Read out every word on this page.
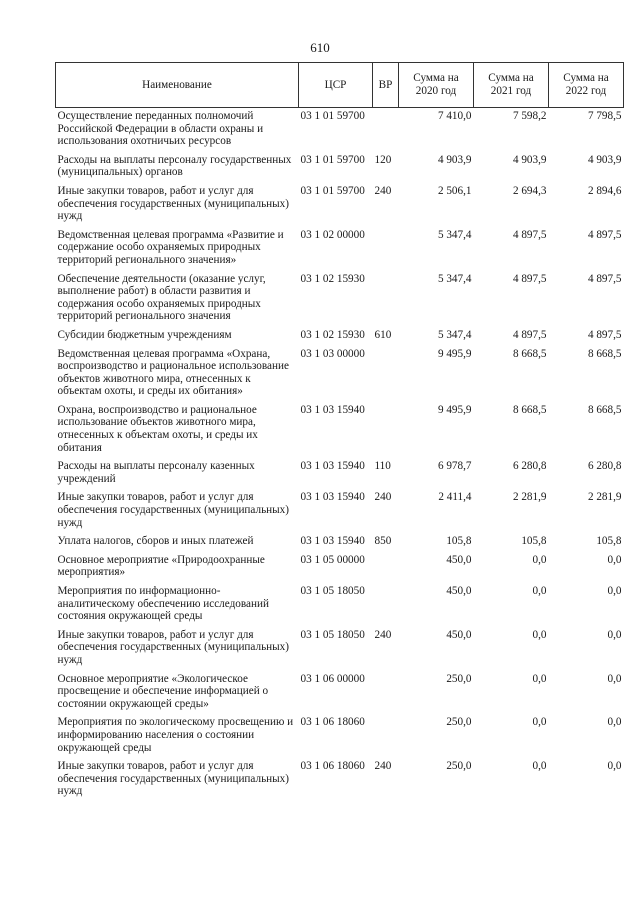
610
Наименование	ЦСР	ВР	Сумма на 2020 год	Сумма на 2021 год	Сумма на 2022 год
Осуществление переданных полномочий Российской Федерации в области охраны и использования охотничьих ресурсов	03 1 01 59700		7 410,0	7 598,2	7 798,5
Расходы на выплаты персоналу государственных (муниципальных) органов	03 1 01 59700	120	4 903,9	4 903,9	4 903,9
Иные закупки товаров, работ и услуг для обеспечения государственных (муниципальных) нужд	03 1 01 59700	240	2 506,1	2 694,3	2 894,6
Ведомственная целевая программа «Развитие и содержание особо охраняемых природных территорий регионального значения»	03 1 02 00000		5 347,4	4 897,5	4 897,5
Обеспечение деятельности (оказание услуг, выполнение работ) в области развития и содержания особо охраняемых природных территорий регионального значения	03 1 02 15930		5 347,4	4 897,5	4 897,5
Субсидии бюджетным учреждениям	03 1 02 15930	610	5 347,4	4 897,5	4 897,5
Ведомственная целевая программа «Охрана, воспроизводство и рациональное использование объектов животного мира, отнесенных к объектам охоты, и среды их обитания»	03 1 03 00000		9 495,9	8 668,5	8 668,5
Охрана, воспроизводство и рациональное использование объектов животного мира, отнесенных к объектам охоты, и среды их обитания	03 1 03 15940		9 495,9	8 668,5	8 668,5
Расходы на выплаты персоналу казенных учреждений	03 1 03 15940	110	6 978,7	6 280,8	6 280,8
Иные закупки товаров, работ и услуг для обеспечения государственных (муниципальных) нужд	03 1 03 15940	240	2 411,4	2 281,9	2 281,9
Уплата налогов, сборов и иных платежей	03 1 03 15940	850	105,8	105,8	105,8
Основное мероприятие «Природоохранные мероприятия»	03 1 05 00000		450,0	0,0	0,0
Мероприятия по информационно-аналитическому обеспечению исследований состояния окружающей среды	03 1 05 18050		450,0	0,0	0,0
Иные закупки товаров, работ и услуг для обеспечения государственных (муниципальных) нужд	03 1 05 18050	240	450,0	0,0	0,0
Основное мероприятие «Экологическое просвещение и обеспечение информацией о состоянии окружающей среды»	03 1 06 00000		250,0	0,0	0,0
Мероприятия по экологическому просвещению и информированию населения о состоянии окружающей среды	03 1 06 18060		250,0	0,0	0,0
Иные закупки товаров, работ и услуг для обеспечения государственных (муниципальных) нужд	03 1 06 18060	240	250,0	0,0	0,0
